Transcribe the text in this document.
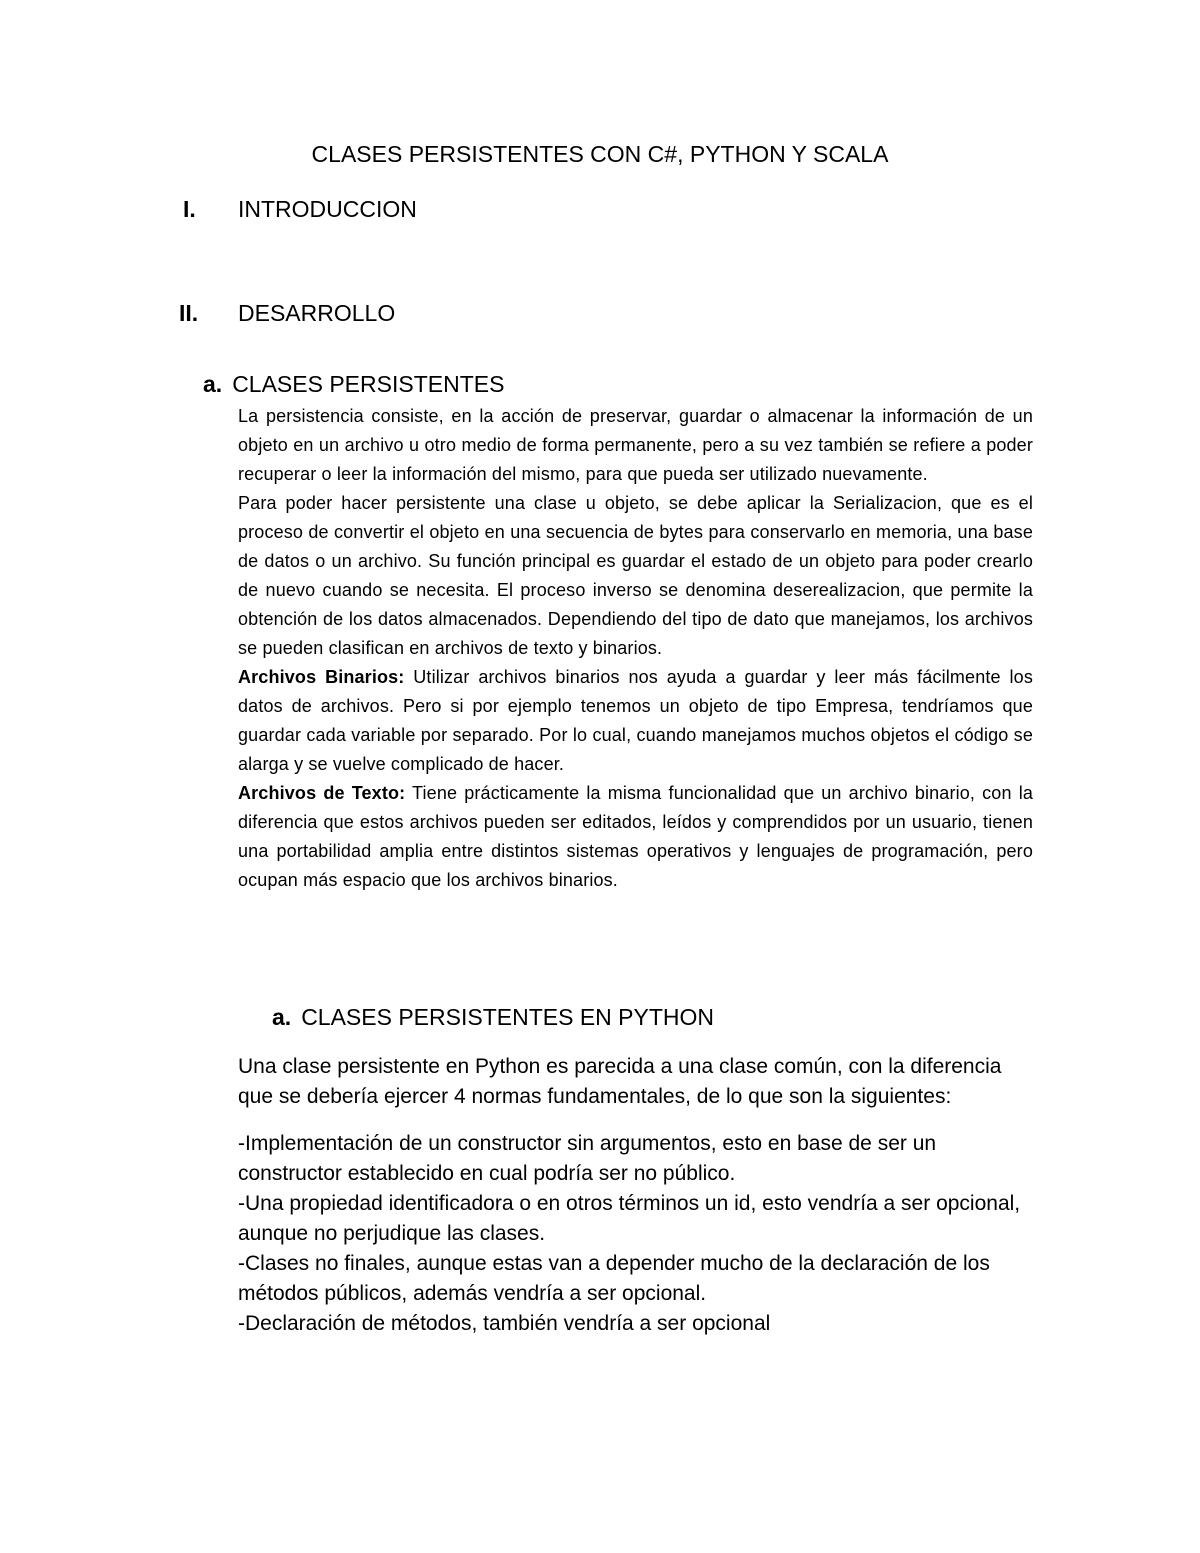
CLASES PERSISTENTES CON C#, PYTHON Y SCALA
I. INTRODUCCION
II. DESARROLLO
a. CLASES PERSISTENTES

La persistencia consiste, en la acción de preservar, guardar o almacenar la información de un objeto en un archivo u otro medio de forma permanente, pero a su vez también se refiere a poder recuperar o leer la información del mismo, para que pueda ser utilizado nuevamente.

Para poder hacer persistente una clase u objeto, se debe aplicar la Serializacion, que es el proceso de convertir el objeto en una secuencia de bytes para conservarlo en memoria, una base de datos o un archivo. Su función principal es guardar el estado de un objeto para poder crearlo de nuevo cuando se necesita. El proceso inverso se denomina deserealizacion, que permite la obtención de los datos almacenados. Dependiendo del tipo de dato que manejamos, los archivos se pueden clasifican en archivos de texto y binarios.

Archivos Binarios: Utilizar archivos binarios nos ayuda a guardar y leer más fácilmente los datos de archivos. Pero si por ejemplo tenemos un objeto de tipo Empresa, tendríamos que guardar cada variable por separado. Por lo cual, cuando manejamos muchos objetos el código se alarga y se vuelve complicado de hacer.

Archivos de Texto: Tiene prácticamente la misma funcionalidad que un archivo binario, con la diferencia que estos archivos pueden ser editados, leídos y comprendidos por un usuario, tienen una portabilidad amplia entre distintos sistemas operativos y lenguajes de programación, pero ocupan más espacio que los archivos binarios.

a. CLASES PERSISTENTES EN PYTHON

Una clase persistente en Python es parecida a una clase común, con la diferencia que se debería ejercer 4 normas fundamentales, de lo que son la siguientes:

-Implementación de un constructor sin argumentos, esto en base de ser un constructor establecido en cual podría ser no público.

-Una propiedad identificadora o en otros términos un id, esto vendría a ser opcional, aunque no perjudique las clases.

-Clases no finales, aunque estas van a depender mucho de la declaración de los métodos públicos, además vendría a ser opcional.

-Declaración de métodos, también vendría a ser opcional
